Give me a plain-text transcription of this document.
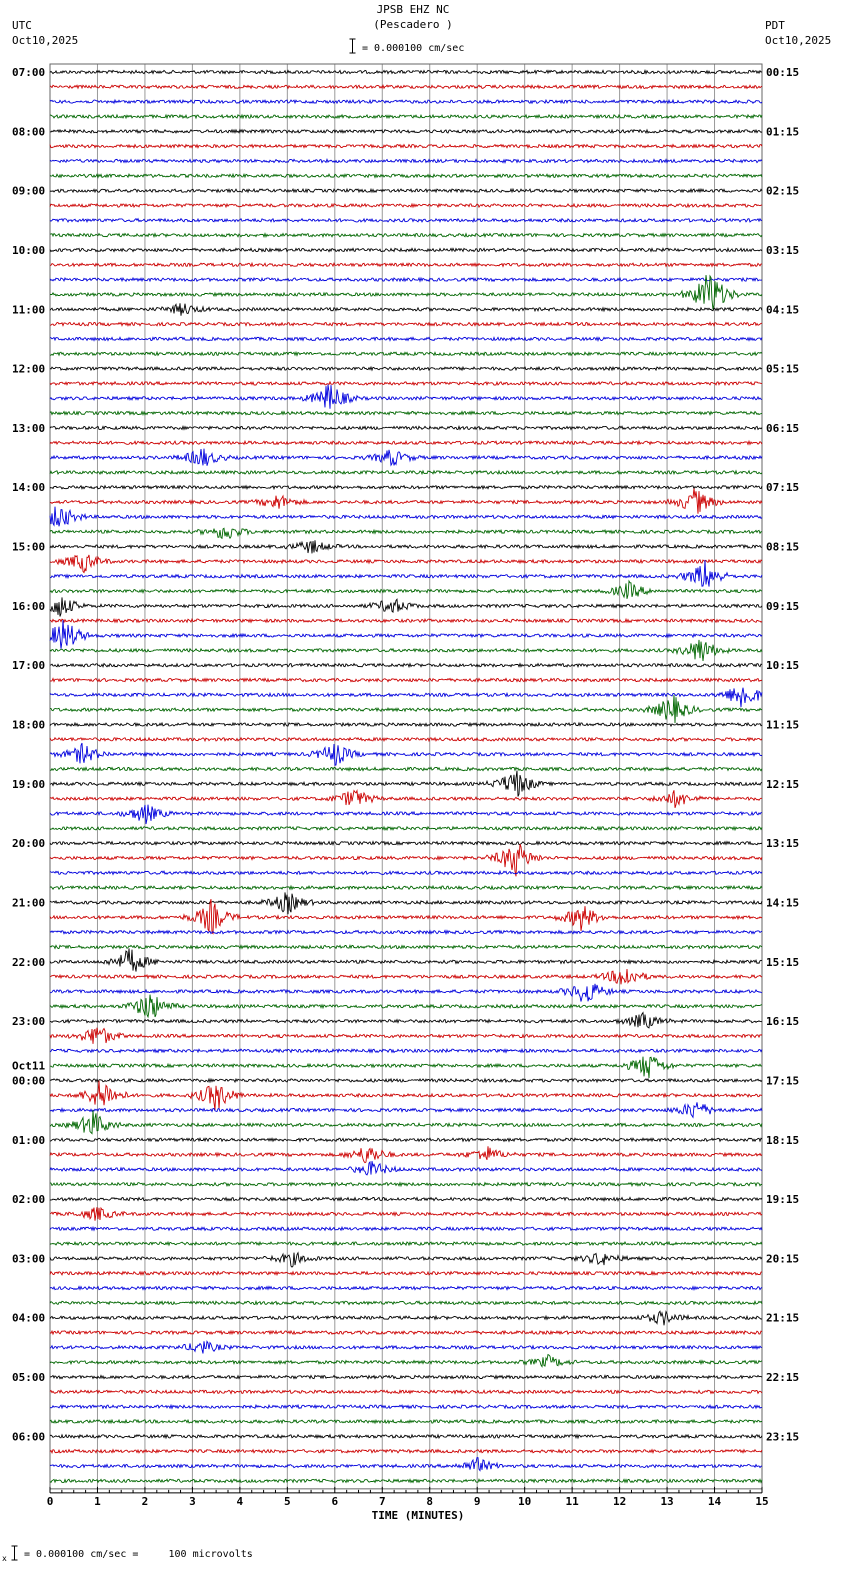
JPSB EHZ NC
(Pescadero )
UTC
Oct10,2025
PDT
Oct10,2025
= 0.000100 cm/sec
07:00
08:00
09:00
10:00
11:00
12:00
13:00
14:00
15:00
16:00
17:00
18:00
19:00
20:00
21:00
22:00
23:00
00:00
01:00
02:00
03:00
04:00
05:00
06:00
Oct11
00:15
01:15
02:15
03:15
04:15
05:15
06:15
07:15
08:15
09:15
10:15
11:15
12:15
13:15
14:15
15:15
16:15
17:15
18:15
19:15
20:15
21:15
22:15
23:15
0	1	2	3	4	5	6	7	8	9	10	11	12	13	14	15
TIME (MINUTES)
x = 0.000100 cm/sec =     100 microvolts
